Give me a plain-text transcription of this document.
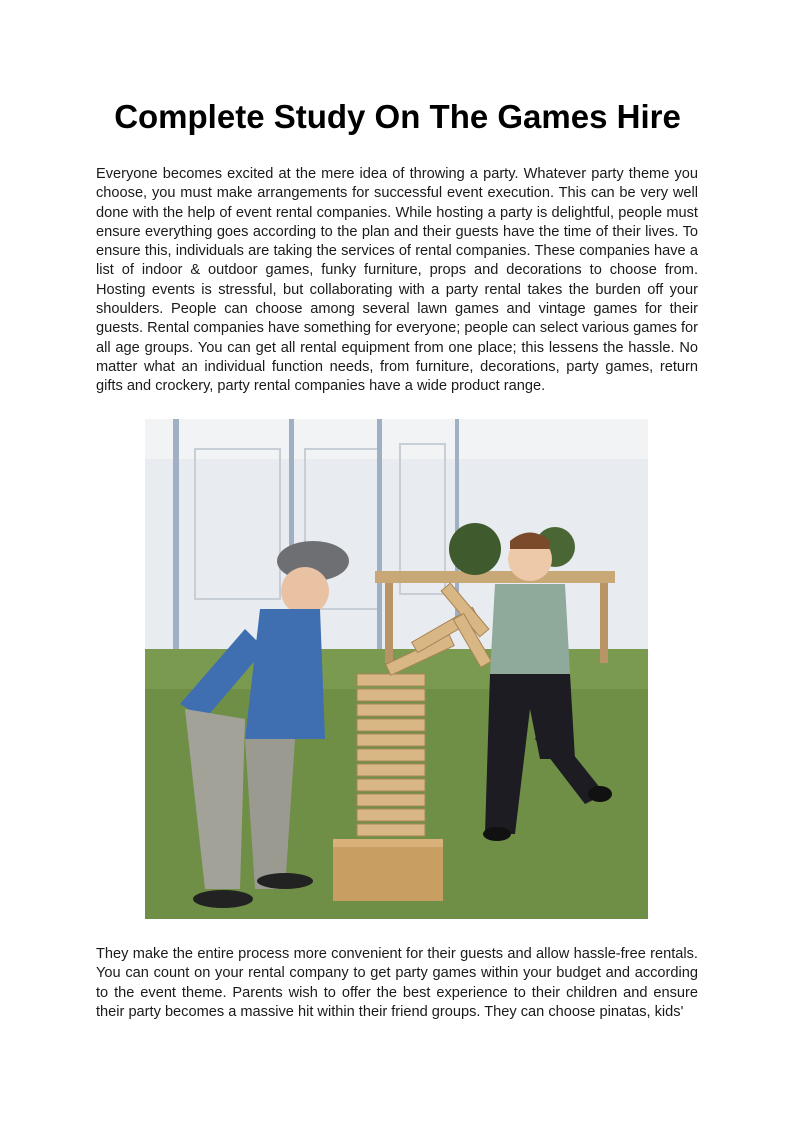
Complete Study On The Games Hire

Everyone becomes excited at the mere idea of throwing a party. Whatever party theme you choose, you must make arrangements for successful event execution. This can be very well done with the help of event rental companies. While hosting a party is delightful, people must ensure everything goes according to the plan and their guests have the time of their lives. To ensure this, individuals are taking the services of rental companies. These companies have a list of indoor & outdoor games, funky furniture, props and decorations to choose from. Hosting events is stressful, but collaborating with a party rental takes the burden off your shoulders. People can choose among several lawn games and vintage games for their guests. Rental companies have something for everyone; people can select various games for all age groups. You can get all rental equipment from one place; this lessens the hassle. No matter what an individual function needs, from furniture, decorations, party games, return gifts and crockery, party rental companies have a wide product range.

They make the entire process more convenient for their guests and allow hassle-free rentals. You can count on your rental company to get party games within your budget and according to the event theme. Parents wish to offer the best experience to their children and ensure their party becomes a massive hit within their friend groups. They can choose pinatas, kids'
